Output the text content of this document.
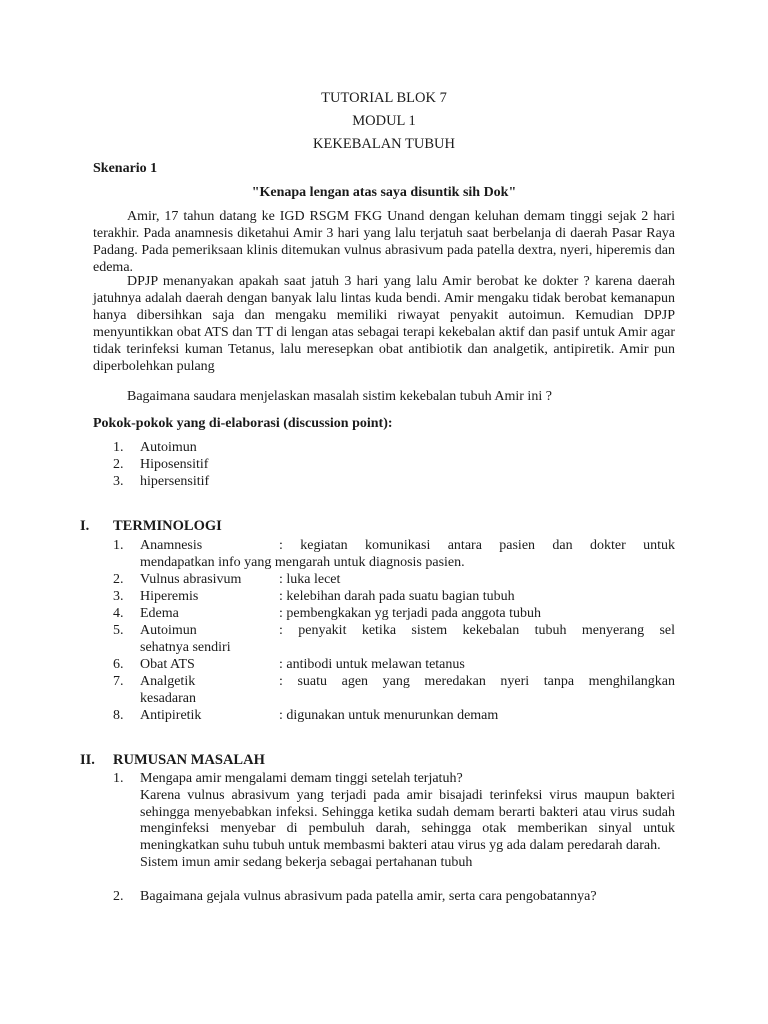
TUTORIAL BLOK 7
MODUL 1
KEKEBALAN TUBUH
Skenario 1
"Kenapa lengan atas saya disuntik sih Dok"

Amir, 17 tahun datang ke IGD RSGM FKG Unand dengan keluhan demam tinggi sejak 2 hari terakhir. Pada anamnesis diketahui Amir 3 hari yang lalu terjatuh saat berbelanja di daerah Pasar Raya Padang. Pada pemeriksaan klinis ditemukan vulnus abrasivum pada patella dextra, nyeri, hiperemis dan edema.

DPJP menanyakan apakah saat jatuh 3 hari yang lalu Amir berobat ke dokter ? karena daerah jatuhnya adalah daerah dengan banyak lalu lintas kuda bendi. Amir mengaku tidak berobat kemanapun hanya dibersihkan saja dan mengaku memiliki riwayat penyakit autoimun. Kemudian DPJP menyuntikkan obat ATS dan TT di lengan atas sebagai terapi kekebalan aktif dan pasif untuk Amir agar tidak terinfeksi kuman Tetanus, lalu meresepkan obat antibiotik dan analgetik, antipiretik. Amir pun diperbolehkan pulang

Bagaimana saudara menjelaskan masalah sistim kekebalan tubuh Amir ini ?

Pokok-pokok yang di-elaborasi (discussion point):
1.	Autoimun
2.	Hiposensitif
3.	hipersensitif
I.	TERMINOLOGI
1.	Anamnesis	: kegiatan komunikasi antara pasien dan dokter untuk
mendapatkan info yang mengarah untuk diagnosis pasien.
2.	Vulnus abrasivum	: luka lecet
3.	Hiperemis	: kelebihan darah pada suatu bagian tubuh
4.	Edema	: pembengkakan yg terjadi pada anggota tubuh
5.	Autoimun	: penyakit ketika sistem kekebalan tubuh menyerang sel
sehatnya sendiri
6.	Obat ATS	: antibodi untuk melawan tetanus
7.	Analgetik	: suatu agen yang meredakan nyeri tanpa menghilangkan
kesadaran
8.	Antipiretik	: digunakan untuk menurunkan demam
II.	RUMUSAN MASALAH
1. Mengapa amir mengalami demam tinggi setelah terjatuh?
Karena vulnus abrasivum yang terjadi pada amir bisajadi terinfeksi virus maupun bakteri sehingga menyebabkan infeksi. Sehingga ketika sudah demam berarti bakteri atau virus sudah menginfeksi menyebar di pembuluh darah, sehingga otak memberikan sinyal untuk meningkatkan suhu tubuh untuk membasmi bakteri atau virus yg ada dalam peredarah darah.
Sistem imun amir sedang bekerja sebagai pertahanan tubuh
2. Bagaimana gejala vulnus abrasivum pada patella amir, serta cara pengobatannya?
